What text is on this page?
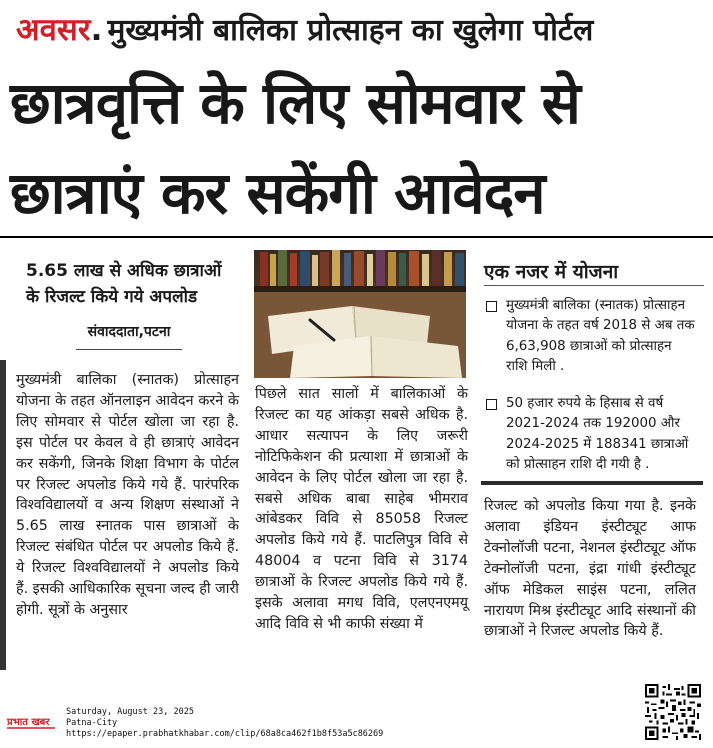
अवसर. मुख्यमंत्री बालिका प्रोत्साहन का खुलेगा पोर्टल
छात्रवृत्ति के लिए सोमवार से
छात्राएं कर सकेंगी आवेदन
5.65 लाख से अधिक छात्राओं
के रिजल्ट किये गये अपलोड
संवाददाता,पटना

मुख्यमंत्री बालिका (स्नातक) प्रोत्साहन योजना के तहत ऑनलाइन आवेदन करने के लिए सोमवार से पोर्टल खोला जा रहा है. इस पोर्टल पर केवल वे ही छात्राएं आवेदन कर सकेंगी, जिनके शिक्षा विभाग के पोर्टल पर रिजल्ट अपलोड किये गये हैं. पारंपरिक विश्वविद्यालयों व अन्य शिक्षण संस्थाओं ने 5.65 लाख स्नातक पास छात्राओं के रिजल्ट संबंधित पोर्टल पर अपलोड किये हैं. ये रिजल्ट विश्वविद्यालयों ने अपलोड किये हैं. इसकी आधिकारिक सूचना जल्द ही जारी होगी. सूत्रों के अनुसार

पिछले सात सालों में बालिकाओं के रिजल्ट का यह आंकड़ा सबसे अधिक है. आधार सत्यापन के लिए जरूरी नोटिफिकेशन की प्रत्याशा में छात्राओं के आवेदन के लिए पोर्टल खोला जा रहा है. सबसे अधिक बाबा साहेब भीमराव आंबेडकर विवि से 85058 रिजल्ट अपलोड किये गये हैं. पाटलिपुत्र विवि से 48004 व पटना विवि से 3174 छात्राओं के रिजल्ट अपलोड किये गये हैं. इसके अलावा मगध विवि, एलएनएमयू आदि विवि से भी काफी संख्या में

रिजल्ट को अपलोड किया गया है. इनके अलावा इंडियन इंस्टीट्यूट आफ टेक्नोलॉजी पटना, नेशनल इंस्टीट्यूट ऑफ टेक्नोलॉजी पटना, इंद्रा गांधी इंस्टीट्यूट ऑफ मेडिकल साइंस पटना, ललित नारायण मिश्र इंस्टीट्यूट आदि संस्थानों की छात्राओं ने रिजल्ट अपलोड किये हैं.

एक नजर में योजना
मुख्यमंत्री बालिका (स्नातक) प्रोत्साहन योजना के तहत वर्ष 2018 से अब तक 6,63,908 छात्राओं को प्रोत्साहन राशि मिली .
50 हजार रुपये के हिसाब से वर्ष 2021-2024 तक 192000 और 2024-2025 में 188341 छात्राओं को प्रोत्साहन राशि दी गयी है .
प्रभात खबर
Saturday, August 23, 2025
Patna-City
https://epaper.prabhatkhabar.com/clip/68a8ca462f1b8f53a5c86269
